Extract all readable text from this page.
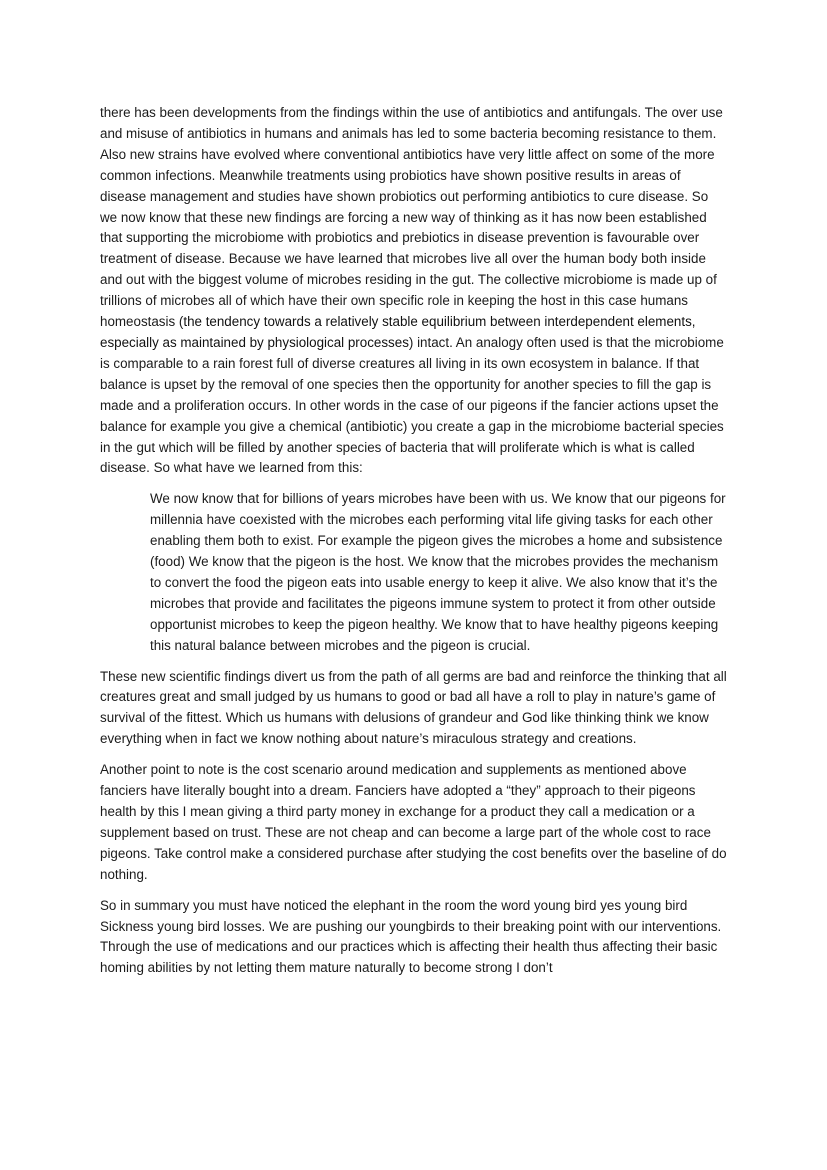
there has been developments from the findings within the use of antibiotics and antifungals. The over use and misuse of antibiotics in humans and animals has led to some bacteria becoming resistance to them. Also new strains have evolved where conventional antibiotics have very little affect on some of the more common infections. Meanwhile treatments using probiotics have shown positive results in areas of disease management and studies have shown probiotics out performing antibiotics to cure disease. So we now know that these new findings are forcing a new way of thinking as it has now been established that supporting the microbiome with probiotics and prebiotics in disease prevention is favourable over treatment of disease. Because we have learned that microbes live all over the human body both inside and out with the biggest volume of microbes residing in the gut. The collective microbiome is made up of trillions of microbes all of which have their own specific role in keeping the host in this case humans homeostasis (the tendency towards a relatively stable equilibrium between interdependent elements, especially as maintained by physiological processes) intact. An analogy often used is that the microbiome is comparable to a rain forest full of diverse creatures all living in its own ecosystem in balance. If that balance is upset by the removal of one species then the opportunity for another species to fill the gap is made and a proliferation occurs. In other words in the case of our pigeons if the fancier actions upset the balance for example you give a chemical (antibiotic) you create a gap in the microbiome bacterial species in the gut which will be filled by another species of bacteria that will proliferate which is what is called disease. So what have we learned from this:

We now know that for billions of years microbes have been with us. We know that our pigeons for millennia have coexisted with the microbes each performing vital life giving tasks for each other enabling them both to exist. For example the pigeon gives the microbes a home and subsistence (food) We know that the pigeon is the host. We know that the microbes provides the mechanism to convert the food the pigeon eats into usable energy to keep it alive. We also know that it’s the microbes that provide and facilitates the pigeons immune system to protect it from other outside opportunist microbes to keep the pigeon healthy. We know that to have healthy pigeons keeping this natural balance between microbes and the pigeon is crucial.

These new scientific findings divert us from the path of all germs are bad and reinforce the thinking that all creatures great and small judged by us humans to good or bad all have a roll to play in nature’s game of survival of the fittest. Which us humans with delusions of grandeur and God like thinking think we know everything when in fact we know nothing about nature’s miraculous strategy and creations.

Another point to note is the cost scenario around medication and supplements as mentioned above fanciers have literally bought into a dream. Fanciers have adopted a “they” approach to their pigeons health by this I mean giving a third party money in exchange for a product they call a medication or a supplement based on trust. These are not cheap and can become a large part of the whole cost to race pigeons. Take control make a considered purchase after studying the cost benefits over the baseline of do nothing.

So in summary you must have noticed the elephant in the room the word young bird yes young bird Sickness young bird losses. We are pushing our youngbirds to their breaking point with our interventions. Through the use of medications and our practices which is affecting their health thus affecting their basic homing abilities by not letting them mature naturally to become strong I don’t
